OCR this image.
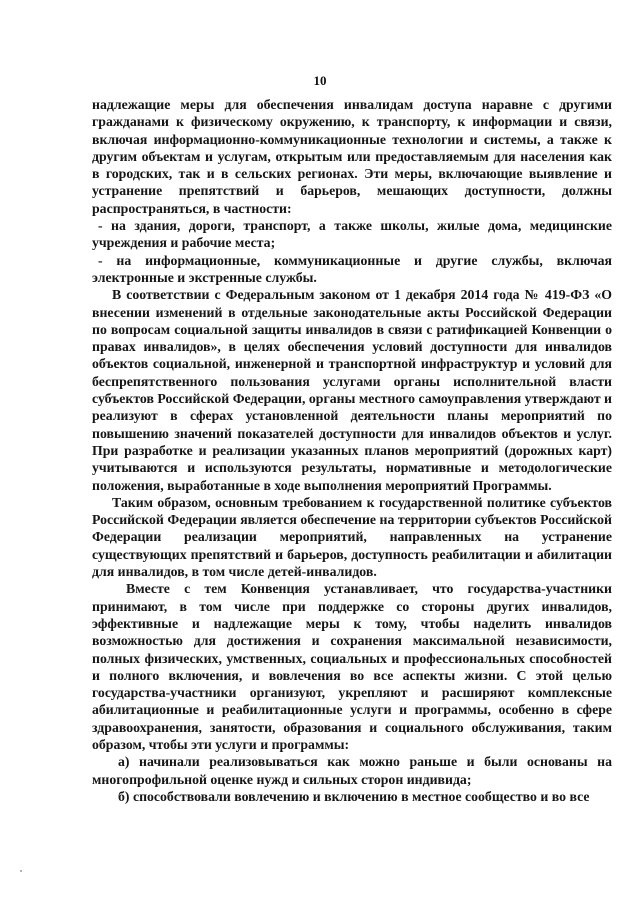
10

надлежащие меры для обеспечения инвалидам доступа наравне с другими гражданами к физическому окружению, к транспорту, к информации и связи, включая информационно-коммуникационные технологии и системы, а также к другим объектам и услугам, открытым или предоставляемым для населения как в городских, так и в сельских регионах. Эти меры, включающие выявление и устранение препятствий и барьеров, мешающих доступности, должны распространяться, в частности:

- на здания, дороги, транспорт, а также школы, жилые дома, медицинские учреждения и рабочие места;

- на информационные, коммуникационные и другие службы, включая электронные и экстренные службы.

В соответствии с Федеральным законом от 1 декабря 2014 года № 419-ФЗ «О внесении изменений в отдельные законодательные акты Российской Федерации по вопросам социальной защиты инвалидов в связи с ратификацией Конвенции о правах инвалидов», в целях обеспечения условий доступности для инвалидов объектов социальной, инженерной и транспортной инфраструктур и условий для беспрепятственного пользования услугами органы исполнительной власти субъектов Российской Федерации, органы местного самоуправления утверждают и реализуют в сферах установленной деятельности планы мероприятий по повышению значений показателей доступности для инвалидов объектов и услуг. При разработке и реализации указанных планов мероприятий (дорожных карт) учитываются и используются результаты, нормативные и методологические положения, выработанные в ходе выполнения мероприятий Программы.

Таким образом, основным требованием к государственной политике субъектов Российской Федерации является обеспечение на территории субъектов Российской Федерации реализации мероприятий, направленных на устранение существующих препятствий и барьеров, доступность реабилитации и абилитации для инвалидов, в том числе детей-инвалидов.

Вместе с тем Конвенция устанавливает, что государства-участники принимают, в том числе при поддержке со стороны других инвалидов, эффективные и надлежащие меры к тому, чтобы наделить инвалидов возможностью для достижения и сохранения максимальной независимости, полных физических, умственных, социальных и профессиональных способностей и полного включения, и вовлечения во все аспекты жизни. С этой целью государства-участники организуют, укрепляют и расширяют комплексные абилитационные и реабилитационные услуги и программы, особенно в сфере здравоохранения, занятости, образования и социального обслуживания, таким образом, чтобы эти услуги и программы:

а) начинали реализовываться как можно раньше и были основаны на многопрофильной оценке нужд и сильных сторон индивида;

б) способствовали вовлечению и включению в местное сообщество и во все
